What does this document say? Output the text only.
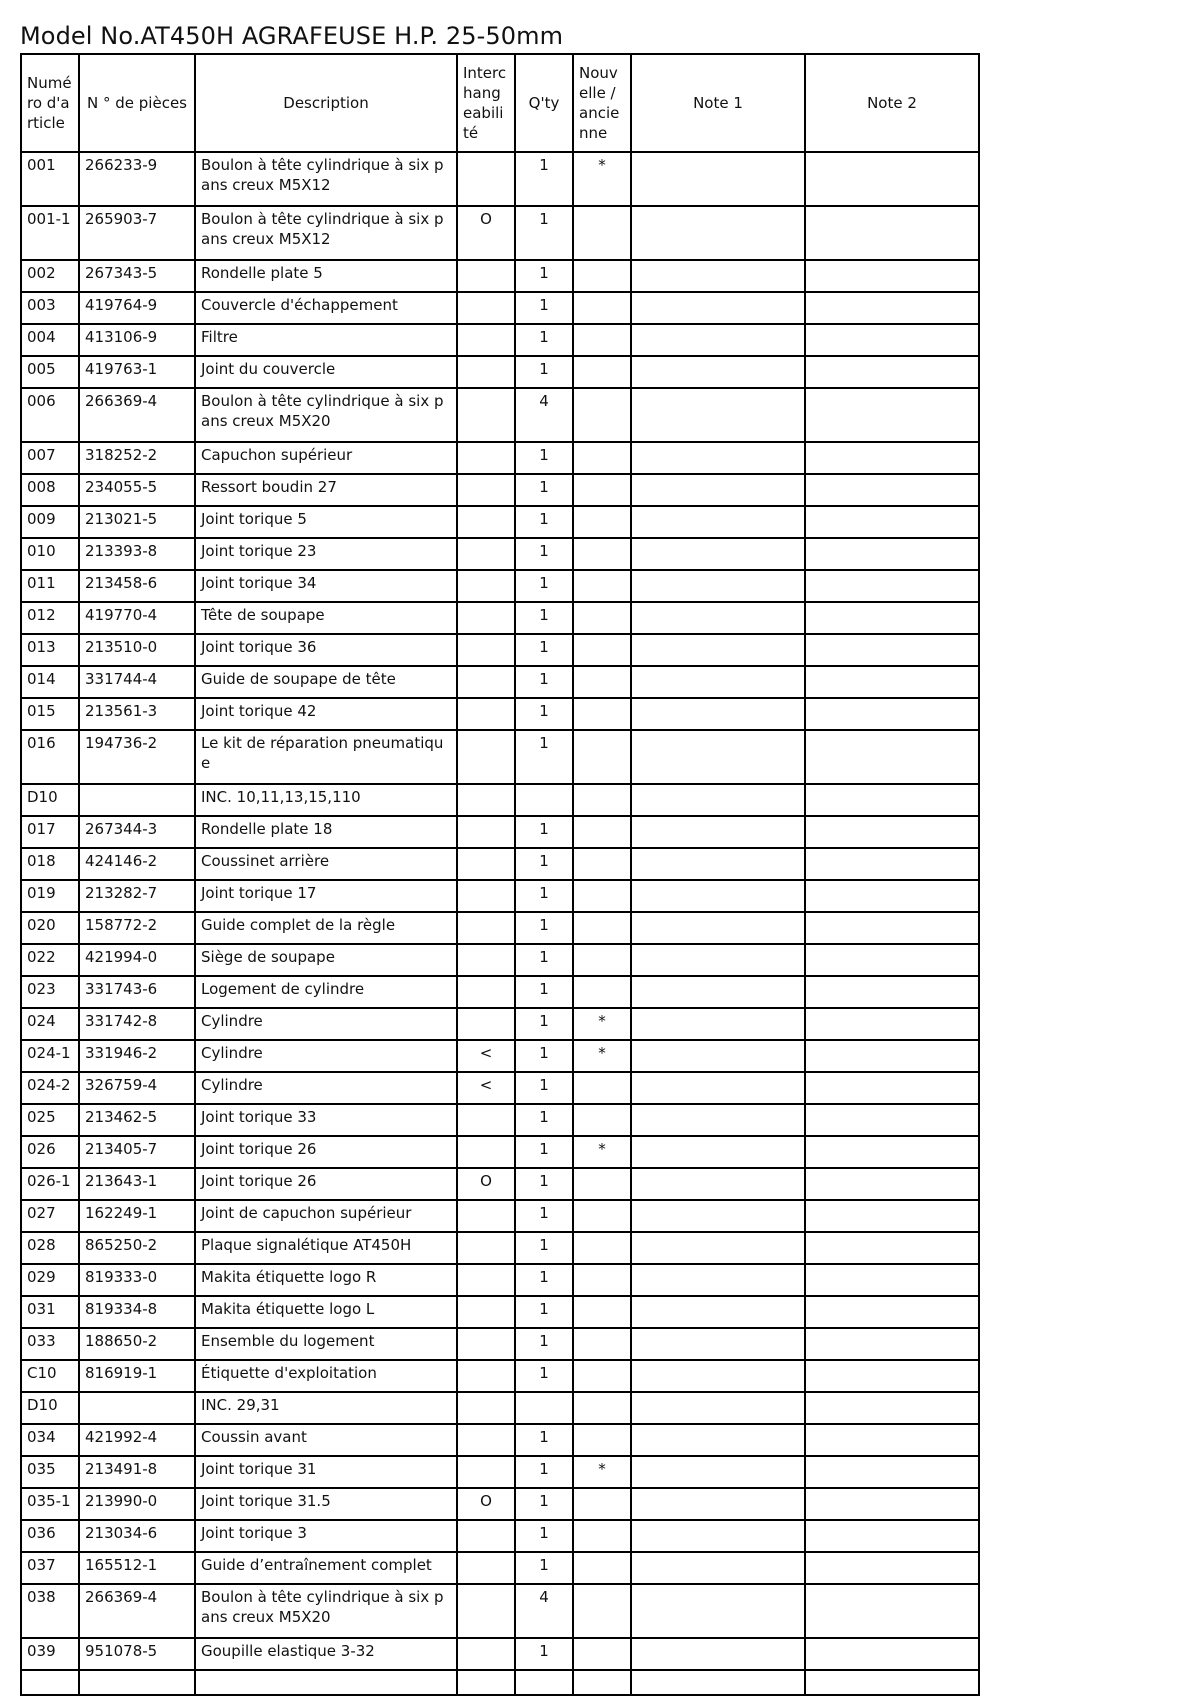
Model No.AT450H AGRAFEUSE H.P. 25-50mm
Numéro d'article	N ° de pièces	Description	Interchangeabilité	Q'ty	Nouvelle / ancienne	Note 1	Note 2
001	266233-9	Boulon à tête cylindrique à six pans creux M5X12		1	*		
001-1	265903-7	Boulon à tête cylindrique à six pans creux M5X12	O	1			
002	267343-5	Rondelle plate 5		1			
003	419764-9	Couvercle d'échappement		1			
004	413106-9	Filtre		1			
005	419763-1	Joint du couvercle		1			
006	266369-4	Boulon à tête cylindrique à six pans creux M5X20		4			
007	318252-2	Capuchon supérieur		1			
008	234055-5	Ressort boudin 27		1			
009	213021-5	Joint torique 5		1			
010	213393-8	Joint torique 23		1			
011	213458-6	Joint torique 34		1			
012	419770-4	Tête de soupape		1			
013	213510-0	Joint torique 36		1			
014	331744-4	Guide de soupape de tête		1			
015	213561-3	Joint torique 42		1			
016	194736-2	Le kit de réparation pneumatique		1			
D10		INC. 10,11,13,15,110					
017	267344-3	Rondelle plate 18		1			
018	424146-2	Coussinet arrière		1			
019	213282-7	Joint torique 17		1			
020	158772-2	Guide complet de la règle		1			
022	421994-0	Siège de soupape		1			
023	331743-6	Logement de cylindre		1			
024	331742-8	Cylindre		1	*		
024-1	331946-2	Cylindre	<	1	*		
024-2	326759-4	Cylindre	<	1			
025	213462-5	Joint torique 33		1			
026	213405-7	Joint torique 26		1	*		
026-1	213643-1	Joint torique 26	O	1			
027	162249-1	Joint de capuchon supérieur		1			
028	865250-2	Plaque signalétique AT450H		1			
029	819333-0	Makita étiquette logo R		1			
031	819334-8	Makita étiquette logo L		1			
033	188650-2	Ensemble du logement		1			
C10	816919-1	Étiquette d'exploitation		1			
D10		INC. 29,31					
034	421992-4	Coussin avant		1			
035	213491-8	Joint torique 31		1	*		
035-1	213990-0	Joint torique 31.5	O	1			
036	213034-6	Joint torique 3		1			
037	165512-1	Guide d’entraînement complet		1			
038	266369-4	Boulon à tête cylindrique à six pans creux M5X20		4			
039	951078-5	Goupille elastique 3-32		1			
